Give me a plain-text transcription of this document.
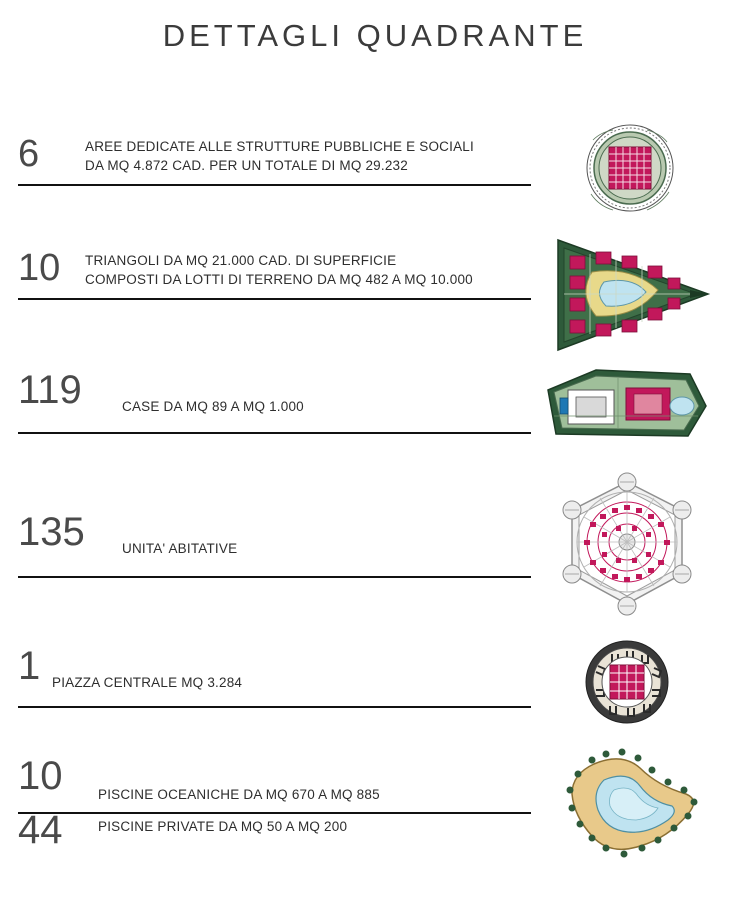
DETTAGLI QUADRANTE
6	AREE DEDICATE ALLE STRUTTURE PUBBLICHE E SOCIALI
DA MQ 4.872 CAD. PER UN TOTALE DI MQ 29.232
10 TRIANGOLI DA MQ 21.000 CAD. DI SUPERFICIE
COMPOSTI DA LOTTI DI TERRENO DA MQ 482 A MQ 10.000
119	CASE DA MQ 89 A MQ 1.000
135	UNITA' ABITATIVE
1 PIAZZA CENTRALE MQ 3.284
10	PISCINE OCEANICHE DA MQ 670 A MQ 885
44	PISCINE PRIVATE DA MQ 50 A MQ 200
